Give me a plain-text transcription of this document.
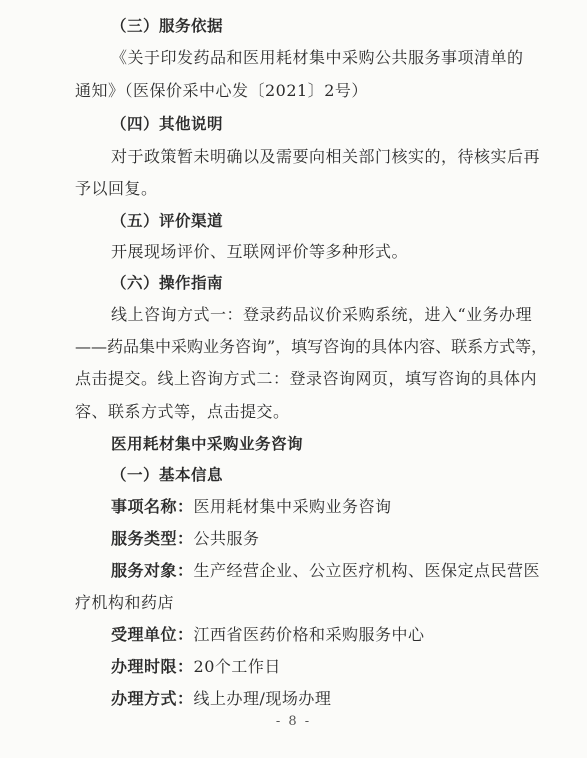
（三）服务依据
《关于印发药品和医用耗材集中采购公共服务事项清单的
通知》（医保价采中心发〔2021〕2号）
（四）其他说明
对于政策暂未明确以及需要向相关部门核实的，待核实后再
予以回复。
（五）评价渠道
开展现场评价、互联网评价等多种形式。
（六）操作指南
线上咨询方式一：登录药品议价采购系统，进入“业务办理
——药品集中采购业务咨询”，填写咨询的具体内容、联系方式等，
点击提交。线上咨询方式二：登录咨询网页，填写咨询的具体内
容、联系方式等，点击提交。
医用耗材集中采购业务咨询
（一）基本信息
事项名称：医用耗材集中采购业务咨询
服务类型：公共服务
服务对象：生产经营企业、公立医疗机构、医保定点民营医
疗机构和药店
受理单位：江西省医药价格和采购服务中心
办理时限：20个工作日
办理方式：线上办理/现场办理
- 8 -
